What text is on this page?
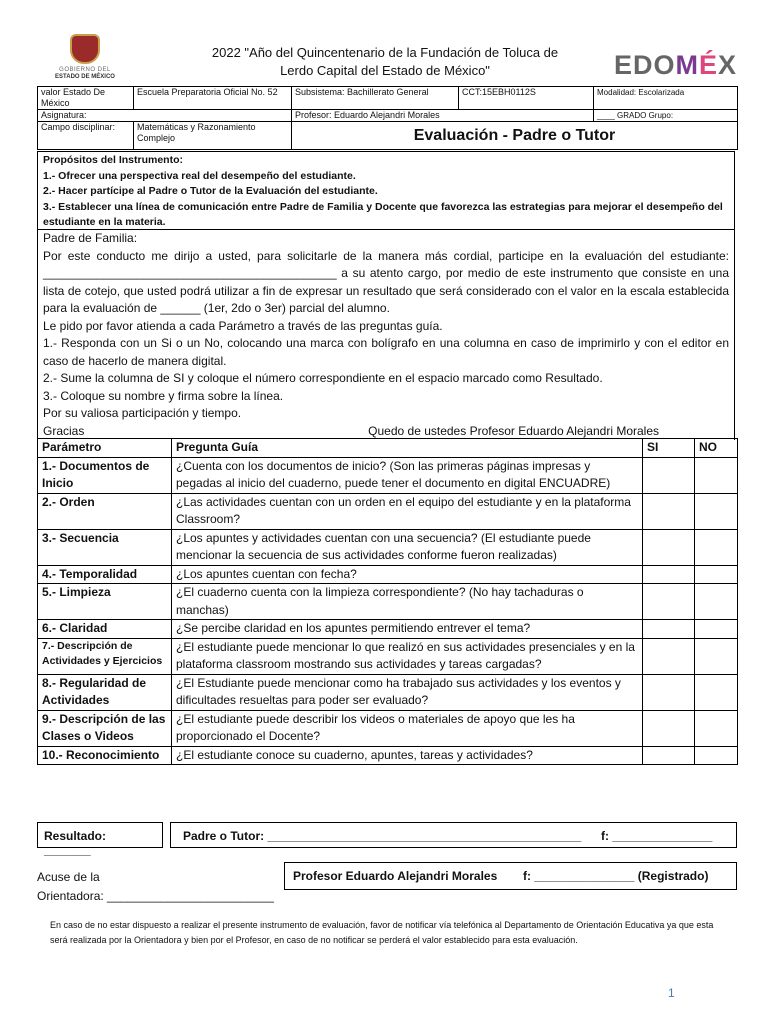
GOBIERNO DEL
ESTADO DE MÉXICO
2022 "Año del Quincentenario de la Fundación de Toluca de
Lerdo Capital del Estado de México"	EDOMÉX
valor Estado De México	Escuela Preparatoria Oficial No. 52	Subsistema: Bachillerato General	CCT:15EBH0112S	Modalidad: Escolarizada
Asignatura:		Profesor: Eduardo Alejandri Morales		____ GRADO Grupo:
Campo disciplinar:	Matemáticas y Razonamiento Complejo	Evaluación - Padre o Tutor		
Propósitos del Instrumento:
1.- Ofrecer una perspectiva real del desempeño del estudiante.
2.- Hacer partícipe al Padre o Tutor de la Evaluación del estudiante.
3.- Establecer una línea de comunicación entre Padre de Familia y Docente que favorezca las estrategias para mejorar el desempeño del estudiante en la materia.

Padre de Familia:

Por este conducto me dirijo a usted, para solicitarle de la manera más cordial, participe en la evaluación del estudiante: ____________________________________________ a su atento cargo, por medio de este instrumento que consiste en una lista de cotejo, que usted podrá utilizar a fin de expresar un resultado que será considerado con el valor en la escala establecida para la evaluación de ______ (1er, 2do o 3er) parcial del alumno.

Le pido por favor atienda a cada Parámetro a través de las preguntas guía.

1.- Responda con un Si o un No, colocando una marca con bolígrafo en una columna en caso de imprimirlo y con el editor en caso de hacerlo de manera digital.

2.- Sume la columna de SI y coloque el número correspondiente en el espacio marcado como Resultado.

3.- Coloque su nombre y firma sobre la línea.

Por su valiosa participación y tiempo.

Gracias	Quedo de ustedes Profesor Eduardo Alejandri Morales
Parámetro	Pregunta Guía	SI	NO
1.- Documentos de Inicio	¿Cuenta con los documentos de inicio? (Son las primeras páginas impresas y pegadas al inicio del cuaderno, puede tener el documento en digital ENCUADRE)		
2.- Orden	¿Las actividades cuentan con un orden en el equipo del estudiante y en la plataforma Classroom?		
3.- Secuencia	¿Los apuntes y actividades cuentan con una secuencia? (El estudiante puede mencionar la secuencia de sus actividades conforme fueron realizadas)		
4.- Temporalidad	¿Los apuntes cuentan con fecha?		
5.- Limpieza	¿El cuaderno cuenta con la limpieza correspondiente? (No hay tachaduras o manchas)		
6.- Claridad	¿Se percibe claridad en los apuntes permitiendo entrever el tema?		
7.- Descripción de Actividades y Ejercicios	¿El estudiante puede mencionar lo que realizó en sus actividades presenciales y en la plataforma classroom mostrando sus actividades y tareas cargadas?		
8.- Regularidad de Actividades	¿El Estudiante puede mencionar como ha trabajado sus actividades y los eventos y dificultades resueltas para poder ser evaluado?		
9.- Descripción de las Clases o Videos	¿El estudiante puede describir los videos o materiales de apoyo que les ha proporcionado el Docente?		
10.- Reconocimiento	¿El estudiante conoce su cuaderno, apuntes, tareas y actividades?		
Resultado: _______
Padre o Tutor: _______________________________________________ f: _______________
Acuse de la
Orientadora: _________________________
Profesor Eduardo Alejandri Morales f: _______________ (Registrado)
En caso de no estar dispuesto a realizar el presente instrumento de evaluación, favor de notificar vía telefónica al Departamento de Orientación Educativa ya que esta será realizada por la Orientadora y bien por el Profesor, en caso de no notificar se perderá el valor establecido para esta evaluación.
1
